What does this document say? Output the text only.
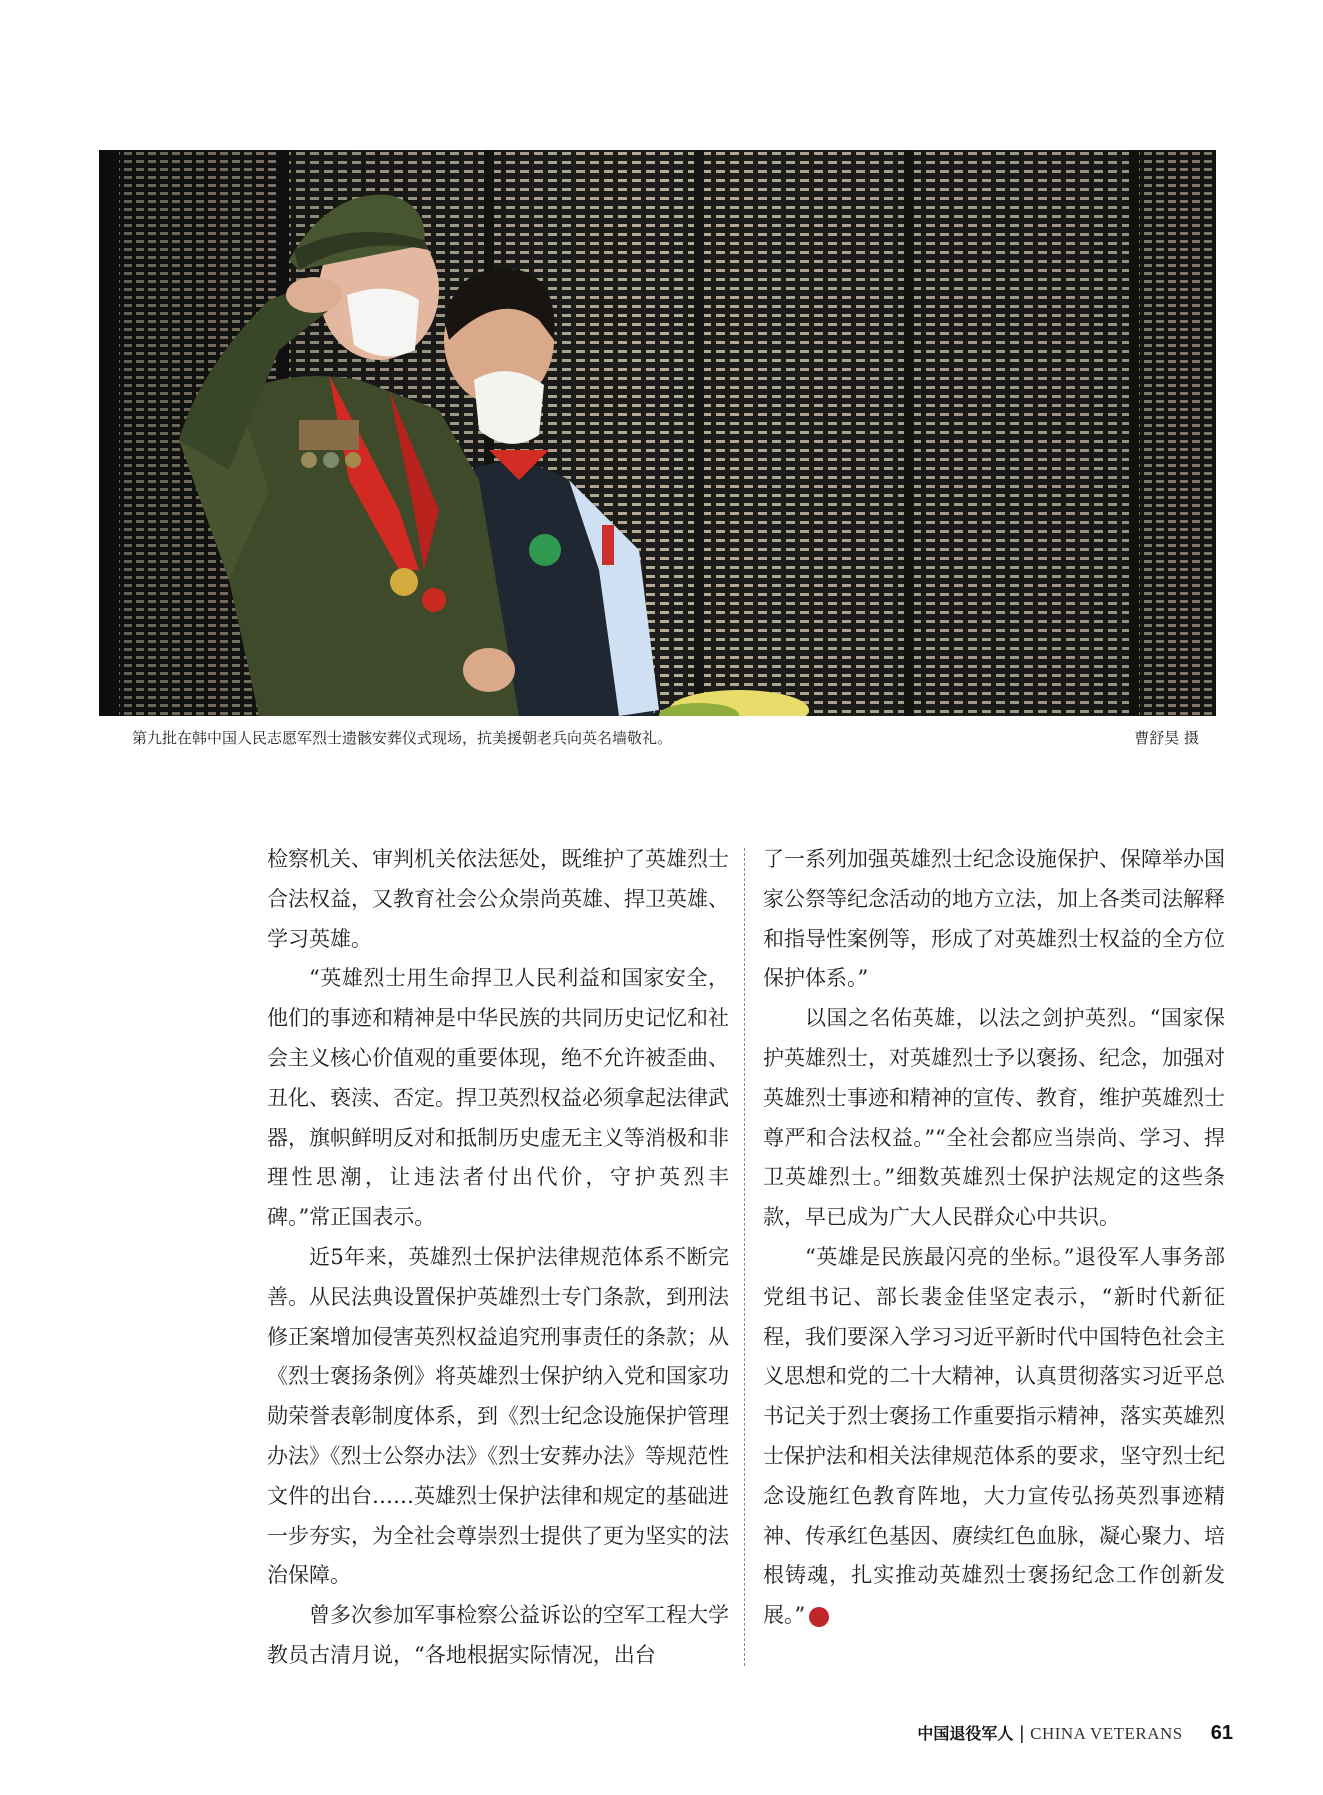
第九批在韩中国人民志愿军烈士遗骸安葬仪式现场，抗美援朝老兵向英名墙敬礼。	曹舒昊 摄

检察机关、审判机关依法惩处，既维护了英雄烈士合法权益，又教育社会公众崇尚英雄、捍卫英雄、学习英雄。

“英雄烈士用生命捍卫人民利益和国家安全，他们的事迹和精神是中华民族的共同历史记忆和社会主义核心价值观的重要体现，绝不允许被歪曲、丑化、亵渎、否定。捍卫英烈权益必须拿起法律武器，旗帜鲜明反对和抵制历史虚无主义等消极和非理性思潮，让违法者付出代价，守护英烈丰碑。”常正国表示。

近5年来，英雄烈士保护法律规范体系不断完善。从民法典设置保护英雄烈士专门条款，到刑法修正案增加侵害英烈权益追究刑事责任的条款；从《烈士褒扬条例》将英雄烈士保护纳入党和国家功勋荣誉表彰制度体系，到《烈士纪念设施保护管理办法》《烈士公祭办法》《烈士安葬办法》等规范性文件的出台……英雄烈士保护法律和规定的基础进一步夯实，为全社会尊崇烈士提供了更为坚实的法治保障。

曾多次参加军事检察公益诉讼的空军工程大学教员古清月说，“各地根据实际情况，出台

了一系列加强英雄烈士纪念设施保护、保障举办国家公祭等纪念活动的地方立法，加上各类司法解释和指导性案例等，形成了对英雄烈士权益的全方位保护体系。”

以国之名佑英雄，以法之剑护英烈。“国家保护英雄烈士，对英雄烈士予以褒扬、纪念，加强对英雄烈士事迹和精神的宣传、教育，维护英雄烈士尊严和合法权益。”“全社会都应当崇尚、学习、捍卫英雄烈士。”细数英雄烈士保护法规定的这些条款，早已成为广大人民群众心中共识。

“英雄是民族最闪亮的坐标。”退役军人事务部党组书记、部长裴金佳坚定表示，“新时代新征程，我们要深入学习习近平新时代中国特色社会主义思想和党的二十大精神，认真贯彻落实习近平总书记关于烈士褒扬工作重要指示精神，落实英雄烈士保护法和相关法律规范体系的要求，坚守烈士纪念设施红色教育阵地，大力宣传弘扬英烈事迹精神、传承红色基因、赓续红色血脉，凝心聚力、培根铸魂，扎实推动英雄烈士褒扬纪念工作创新发展。”	V

中国退役军人 | CHINA VETERANS 61
